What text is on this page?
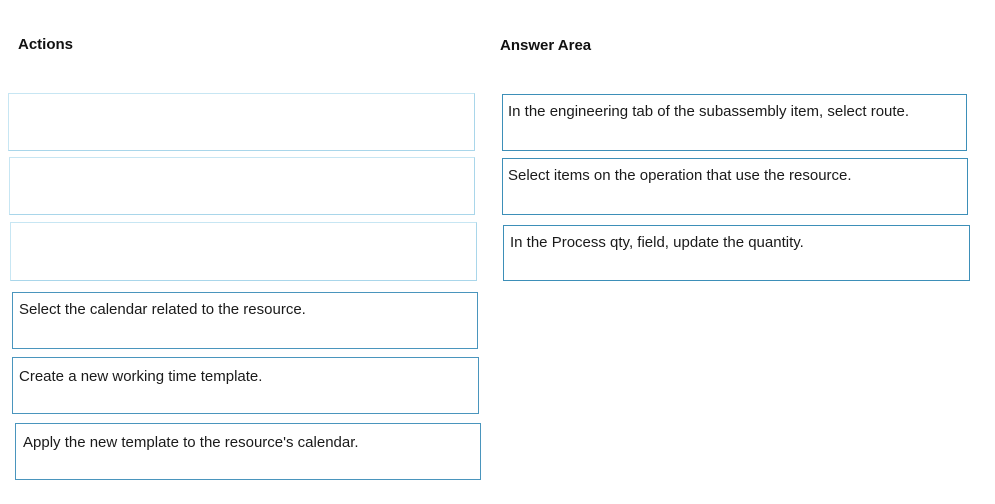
Actions	Answer Area
Select the calendar related to the resource.
Create a new working time template.
Apply the new template to the resource's calendar.
In the engineering tab of the subassembly item, select route.
Select items on the operation that use the resource.
In the Process qty, field, update the quantity.
